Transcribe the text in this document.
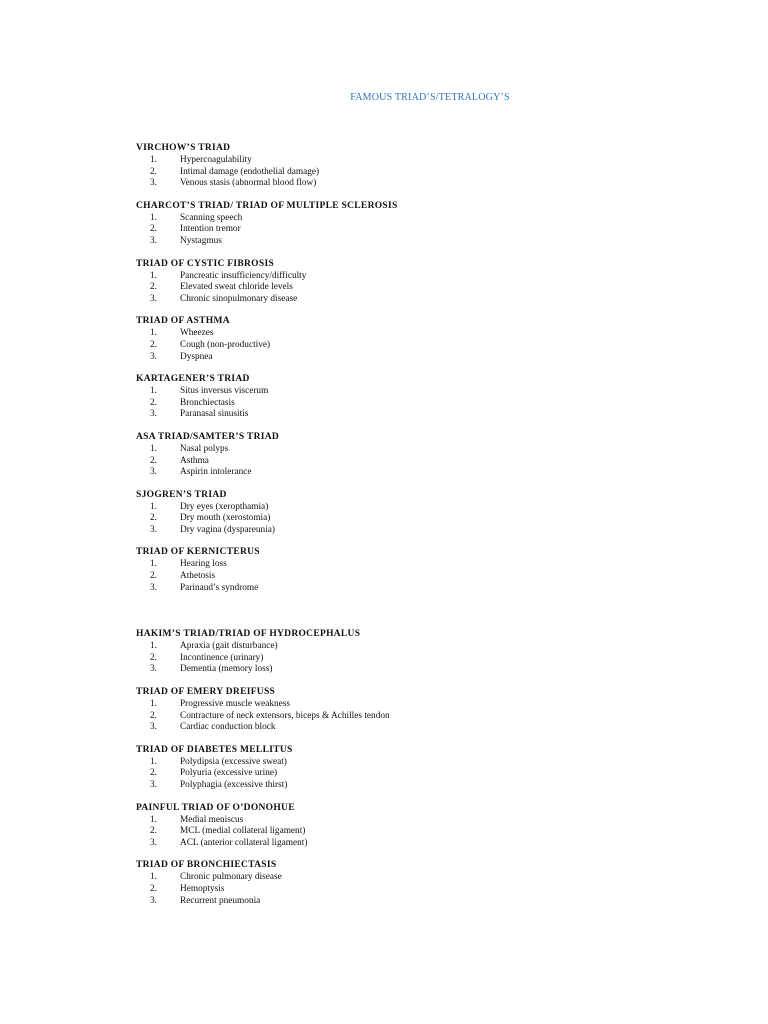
FAMOUS TRIAD’S/TETRALOGY’S
VIRCHOW’S TRIAD
1.	Hypercoagulability
2.	Intimal damage (endothelial damage)
3.	Venous stasis (abnormal blood flow)
CHARCOT’S TRIAD/ TRIAD OF MULTIPLE SCLEROSIS
1.	Scanning speech
2.	Intention tremor
3.	Nystagmus
TRIAD OF CYSTIC FIBROSIS
1.	Pancreatic insufficiency/difficulty
2.	Elevated sweat chloride levels
3.	Chronic sinopulmonary disease
TRIAD OF ASTHMA
1.	Wheezes
2.	Cough (non-productive)
3.	Dyspnea
KARTAGENER’S TRIAD
1.	Situs inversus viscerum
2.	Bronchiectasis
3.	Paranasal sinusitis
ASA TRIAD/SAMTER’S TRIAD
1.	Nasal polyps
2.	Asthma
3.	Aspirin intolerance
SJOGREN’S TRIAD
1.	Dry eyes (xeropthamia)
2.	Dry mouth (xerostomia)
3.	Dry vagina (dyspareunia)
TRIAD OF KERNICTERUS
1.	Hearing loss
2.	Athetosis
3.	Parinaud’s syndrome
HAKIM’S TRIAD/TRIAD OF HYDROCEPHALUS
1.	Apraxia (gait disturbance)
2.	Incontinence (urinary)
3.	Dementia (memory loss)
TRIAD OF EMERY DREIFUSS
1.	Progressive muscle weakness
2.	Contracture of neck extensors, biceps & Achilles tendon
3.	Cardiac conduction block
TRIAD OF DIABETES MELLITUS
1.	Polydipsia (excessive sweat)
2.	Polyuria (excessive urine)
3.	Polyphagia (excessive thirst)
PAINFUL TRIAD OF O’DONOHUE
1.	Medial meniscus
2.	MCL (medial collateral ligament)
3.	ACL (anterior collateral ligament)
TRIAD OF BRONCHIECTASIS
1.	Chronic pulmonary disease
2.	Hemoptysis
3.	Recurrent pneumonia
